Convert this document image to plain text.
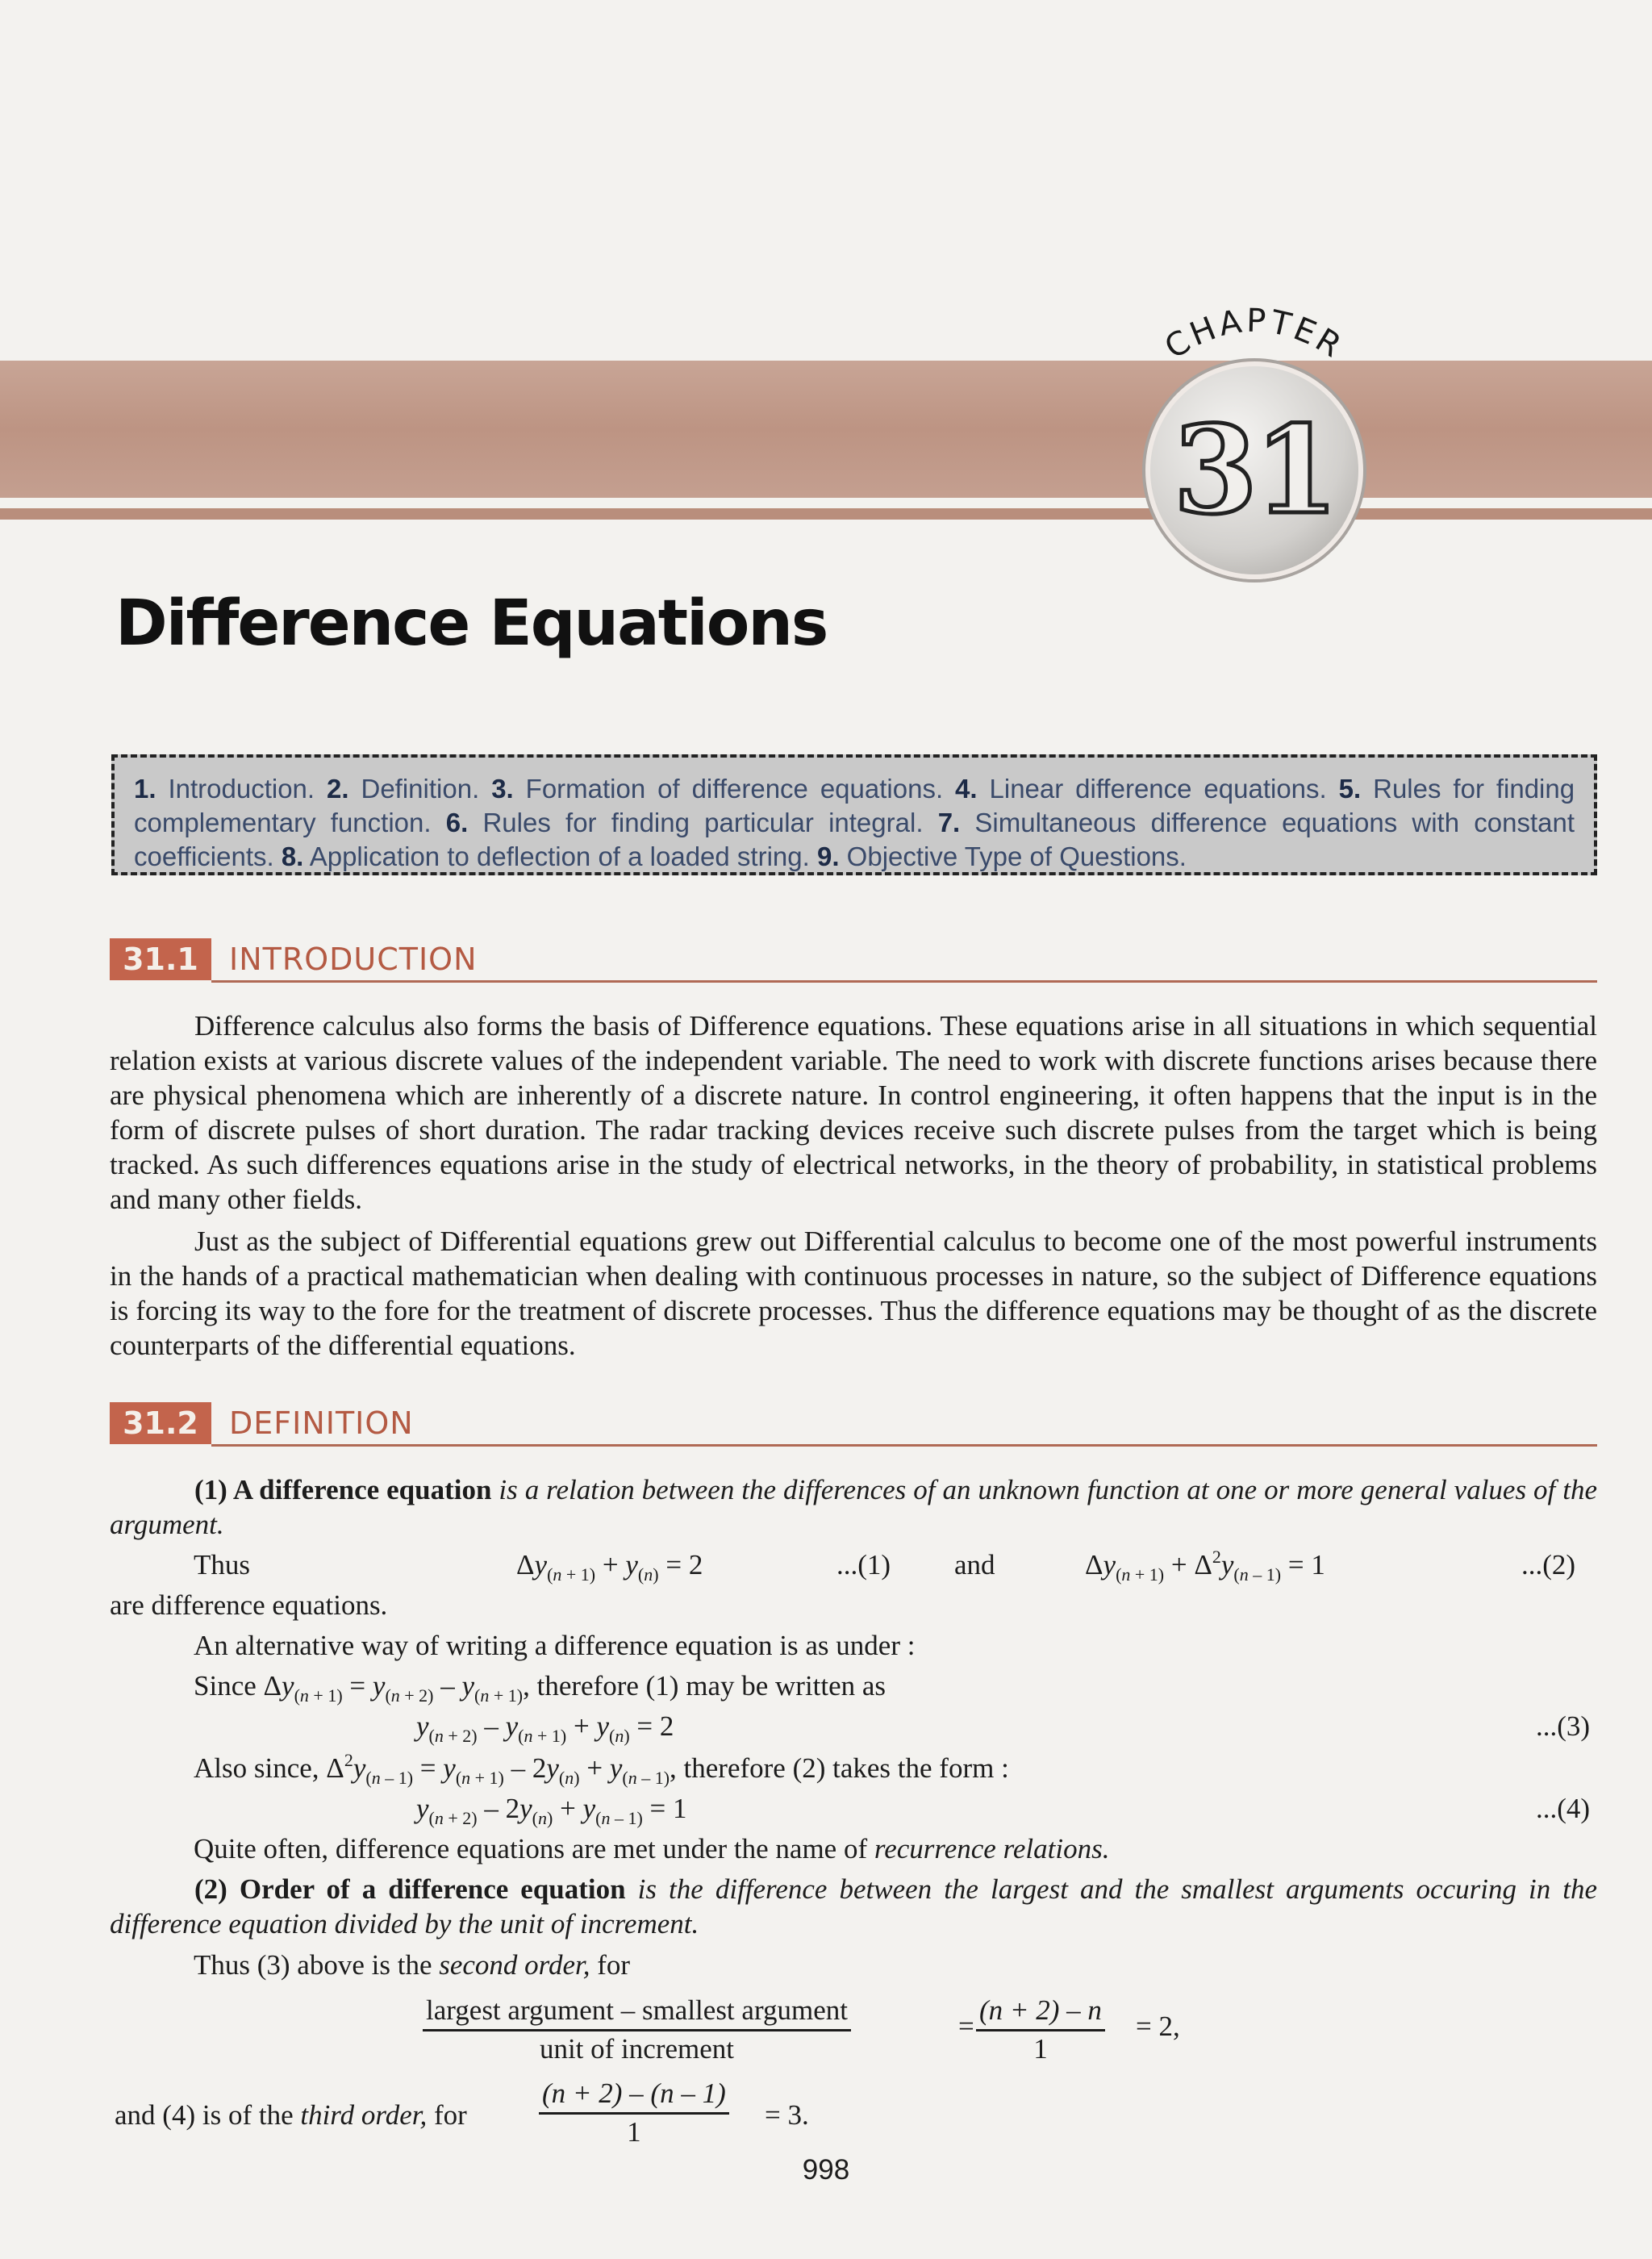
CHAPTER
31
Difference Equations
1. Introduction. 2. Definition. 3. Formation of difference equations. 4. Linear difference equations. 5. Rules for finding complementary function. 6. Rules for finding particular integral. 7. Simultaneous difference equations with constant coefficients. 8. Application to deflection of a loaded string. 9. Objective Type of Questions.
31.1	INTRODUCTION

Difference calculus also forms the basis of Difference equations. These equations arise in all situations in which sequential relation exists at various discrete values of the independent variable. The need to work with discrete functions arises because there are physical phenomena which are inherently of a discrete nature. In control engineering, it often happens that the input is in the form of discrete pulses of short duration. The radar tracking devices receive such discrete pulses from the target which is being tracked. As such differences equations arise in the study of electrical networks, in the theory of probability, in statistical problems and many other fields.

Just as the subject of Differential equations grew out Differential calculus to become one of the most powerful instruments in the hands of a practical mathematician when dealing with continuous processes in nature, so the subject of Difference equations is forcing its way to the fore for the treatment of discrete processes. Thus the difference equations may be thought of as the discrete counterparts of the differential equations.

31.2	DEFINITION

(1) A difference equation is a relation between the differences of an unknown function at one or more general values of the argument.

Thus	$\Delta y_{(n + 1)} + y_{(n)} = 2$	...(1) and	$\Delta y_{(n + 1)} + \Delta^2y_{(n - 1)} = 1$	...(2)
are difference equations.
An alternative way of writing a difference equation is as under :
Since $\Delta y_{(n + 1)} = y_{(n + 2)} - y_{(n + 1)}$, therefore (1) may be written as
$y_{(n + 2)} - y_{(n + 1)} + y_{(n)} = 2$	...(3)
Also since, $\Delta^2y_{(n - 1)} = y_{(n + 1)} - 2y_{(n)} + y_{(n - 1)}$, therefore (2) takes the form :
$y_{(n + 2)} - 2y_{(n)} + y_{(n - 1)} = 1$	...(4)
Quite often, difference equations are met under the name of recurrence relations.

(2) Order of a difference equation is the difference between the largest and the smallest arguments occuring in the difference equation divided by the unit of increment.

Thus (3) above is the second order, for
largest argument – smallest argument
unit of increment
= $\frac{(n + 2) - n}{1} = 2$,
and (4) is of the third order, for	$\frac{(n + 2) - (n - 1)}{1} = 3$.
998
